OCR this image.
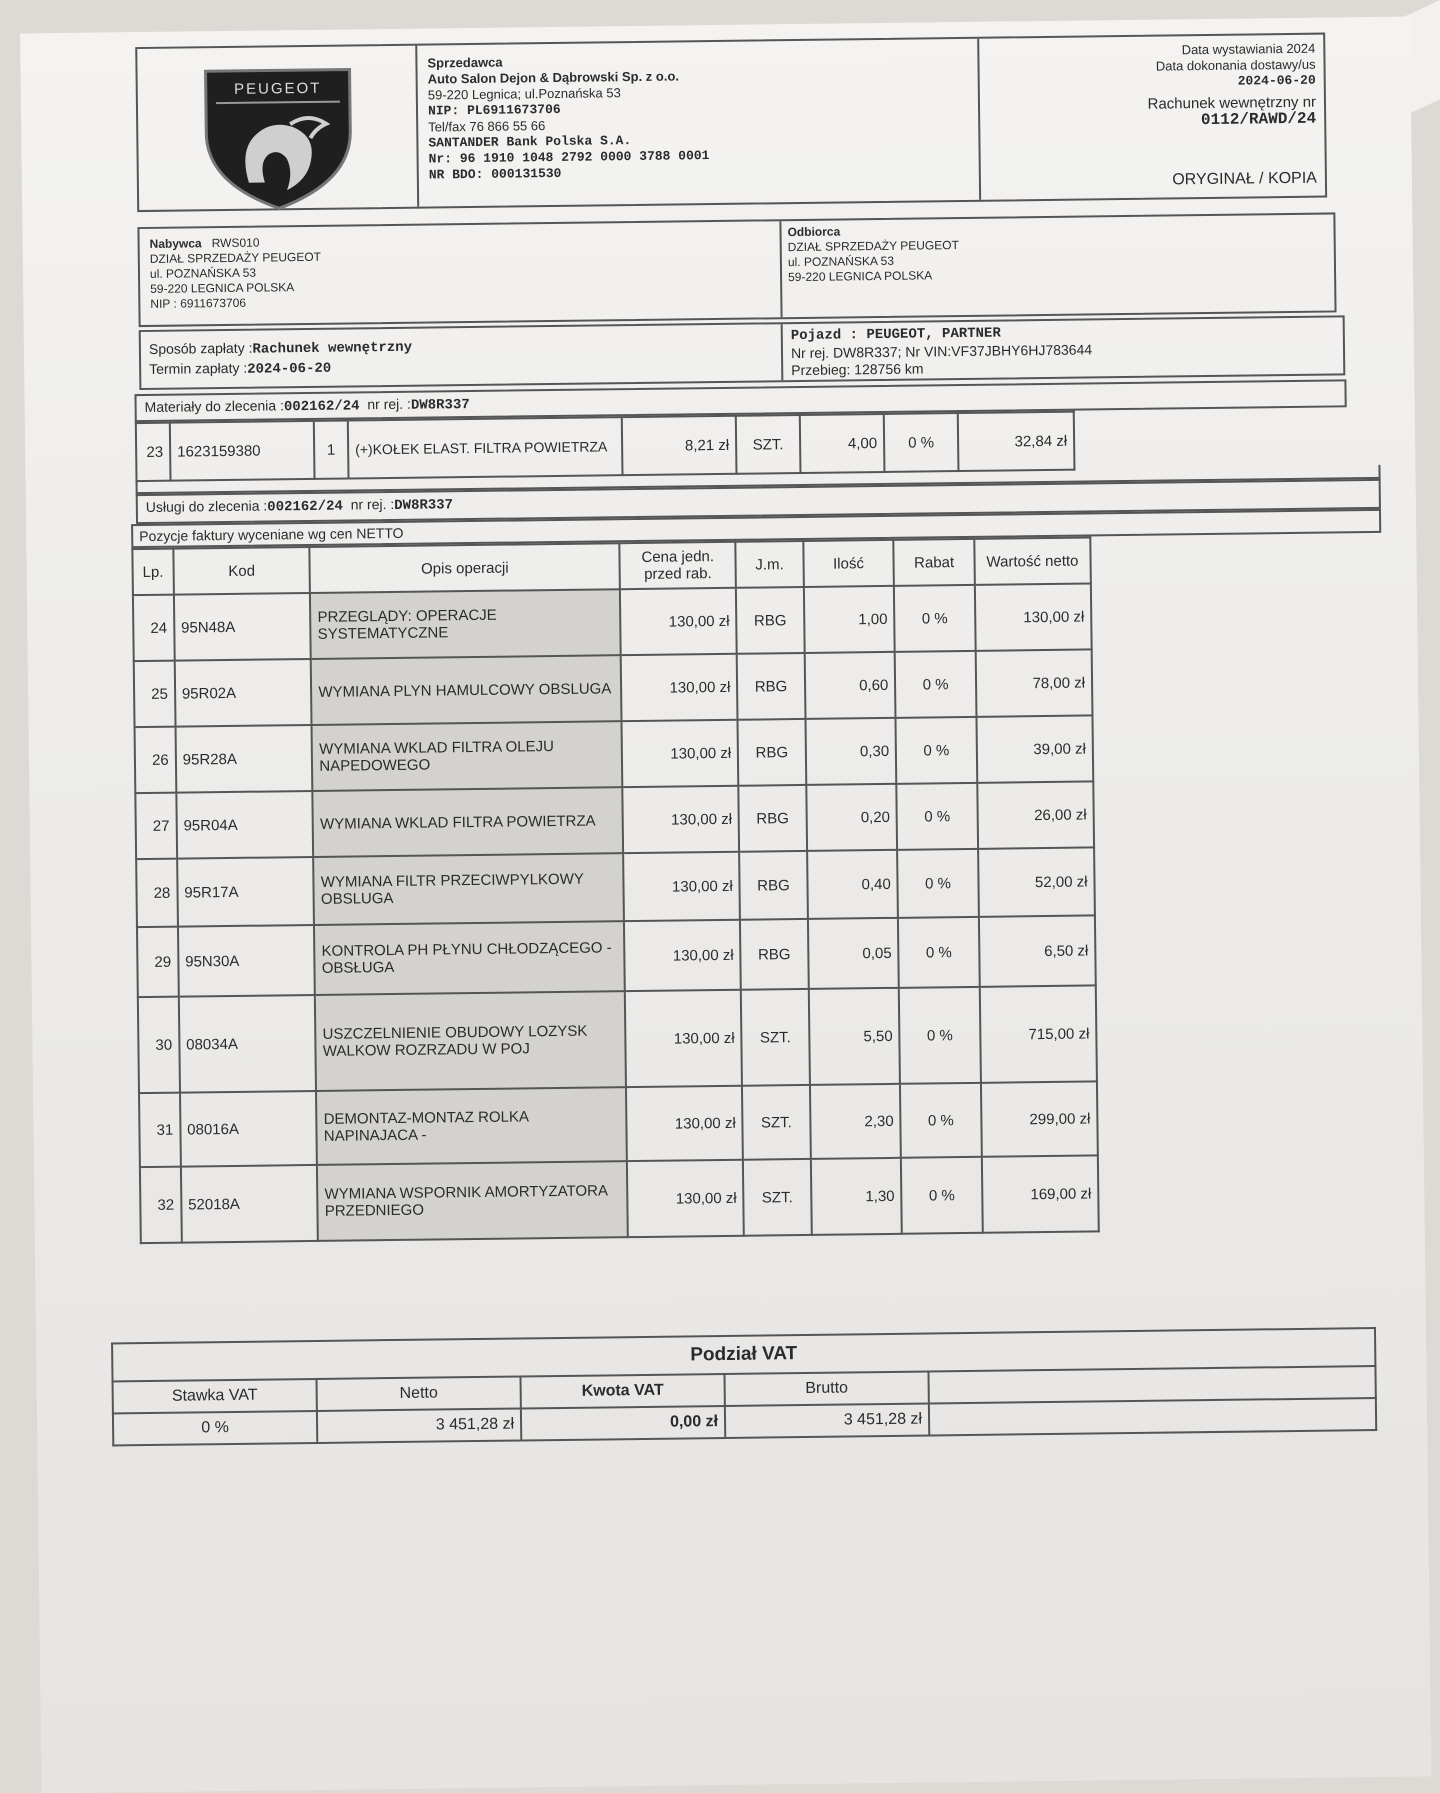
PEUGEOT
Sprzedawca
Auto Salon Dejon & Dąbrowski Sp. z o.o.
59-220 Legnica; ul.Poznańska 53
NIP: PL6911673706
Tel/fax 76 866 55 66
SANTANDER Bank Polska S.A.
Nr: 96 1910 1048 2792 0000 3788 0001
NR BDO: 000131530
Data wystawiania 2024
Data dokonania dostawy/us
2024-06-20
Rachunek wewnętrzny nr
0112/RAWD/24
ORYGINAŁ / KOPIA
Nabywca RWS010
DZIAŁ SPRZEDAŻY PEUGEOT
ul. POZNAŃSKA 53
59-220 LEGNICA POLSKA
NIP : 6911673706
Odbiorca
DZIAŁ SPRZEDAŻY PEUGEOT
ul. POZNAŃSKA 53
59-220 LEGNICA POLSKA
Sposób zapłaty :Rachunek wewnętrzny
Termin zapłaty :2024-06-20
Pojazd : PEUGEOT, PARTNER
Nr rej. DW8R337; Nr VIN:VF37JBHY6HJ783644
Przebieg: 128756 km
Materiały do zlecenia :002162/24 nr rej. :DW8R337
23	1623159380	1	(+)KOŁEK ELAST. FILTRA POWIETRZA	8,21 zł	SZT.	4,00	0 %	32,84 zł
Usługi do zlecenia :002162/24 nr rej. :DW8R337
Pozycje faktury wyceniane wg cen NETTO
Lp.	Kod	Opis operacji	Cena jedn. przed rab.	J.m.	Ilość	Rabat	Wartość netto
24	95N48A	PRZEGLĄDY: OPERACJE SYSTEMATYCZNE	130,00 zł	RBG	1,00	0 %	130,00 zł
25	95R02A	WYMIANA PLYN HAMULCOWY OBSLUGA	130,00 zł	RBG	0,60	0 %	78,00 zł
26	95R28A	WYMIANA WKLAD FILTRA OLEJU NAPEDOWEGO	130,00 zł	RBG	0,30	0 %	39,00 zł
27	95R04A	WYMIANA WKLAD FILTRA POWIETRZA	130,00 zł	RBG	0,20	0 %	26,00 zł
28	95R17A	WYMIANA FILTR PRZECIWPYLKOWY OBSLUGA	130,00 zł	RBG	0,40	0 %	52,00 zł
29	95N30A	KONTROLA PH PŁYNU CHŁODZĄCEGO - OBSŁUGA	130,00 zł	RBG	0,05	0 %	6,50 zł
30	08034A	USZCZELNIENIE OBUDOWY LOZYSK WALKOW ROZRZADU W POJ	130,00 zł	SZT.	5,50	0 %	715,00 zł
31	08016A	DEMONTAZ-MONTAZ ROLKA NAPINAJACA -	130,00 zł	SZT.	2,30	0 %	299,00 zł
32	52018A	WYMIANA WSPORNIK AMORTYZATORA PRZEDNIEGO	130,00 zł	SZT.	1,30	0 %	169,00 zł
Podział VAT				
Stawka VAT	Netto	Kwota VAT	Brutto	
0 %	3 451,28 zł	0,00 zł	3 451,28 zł	
